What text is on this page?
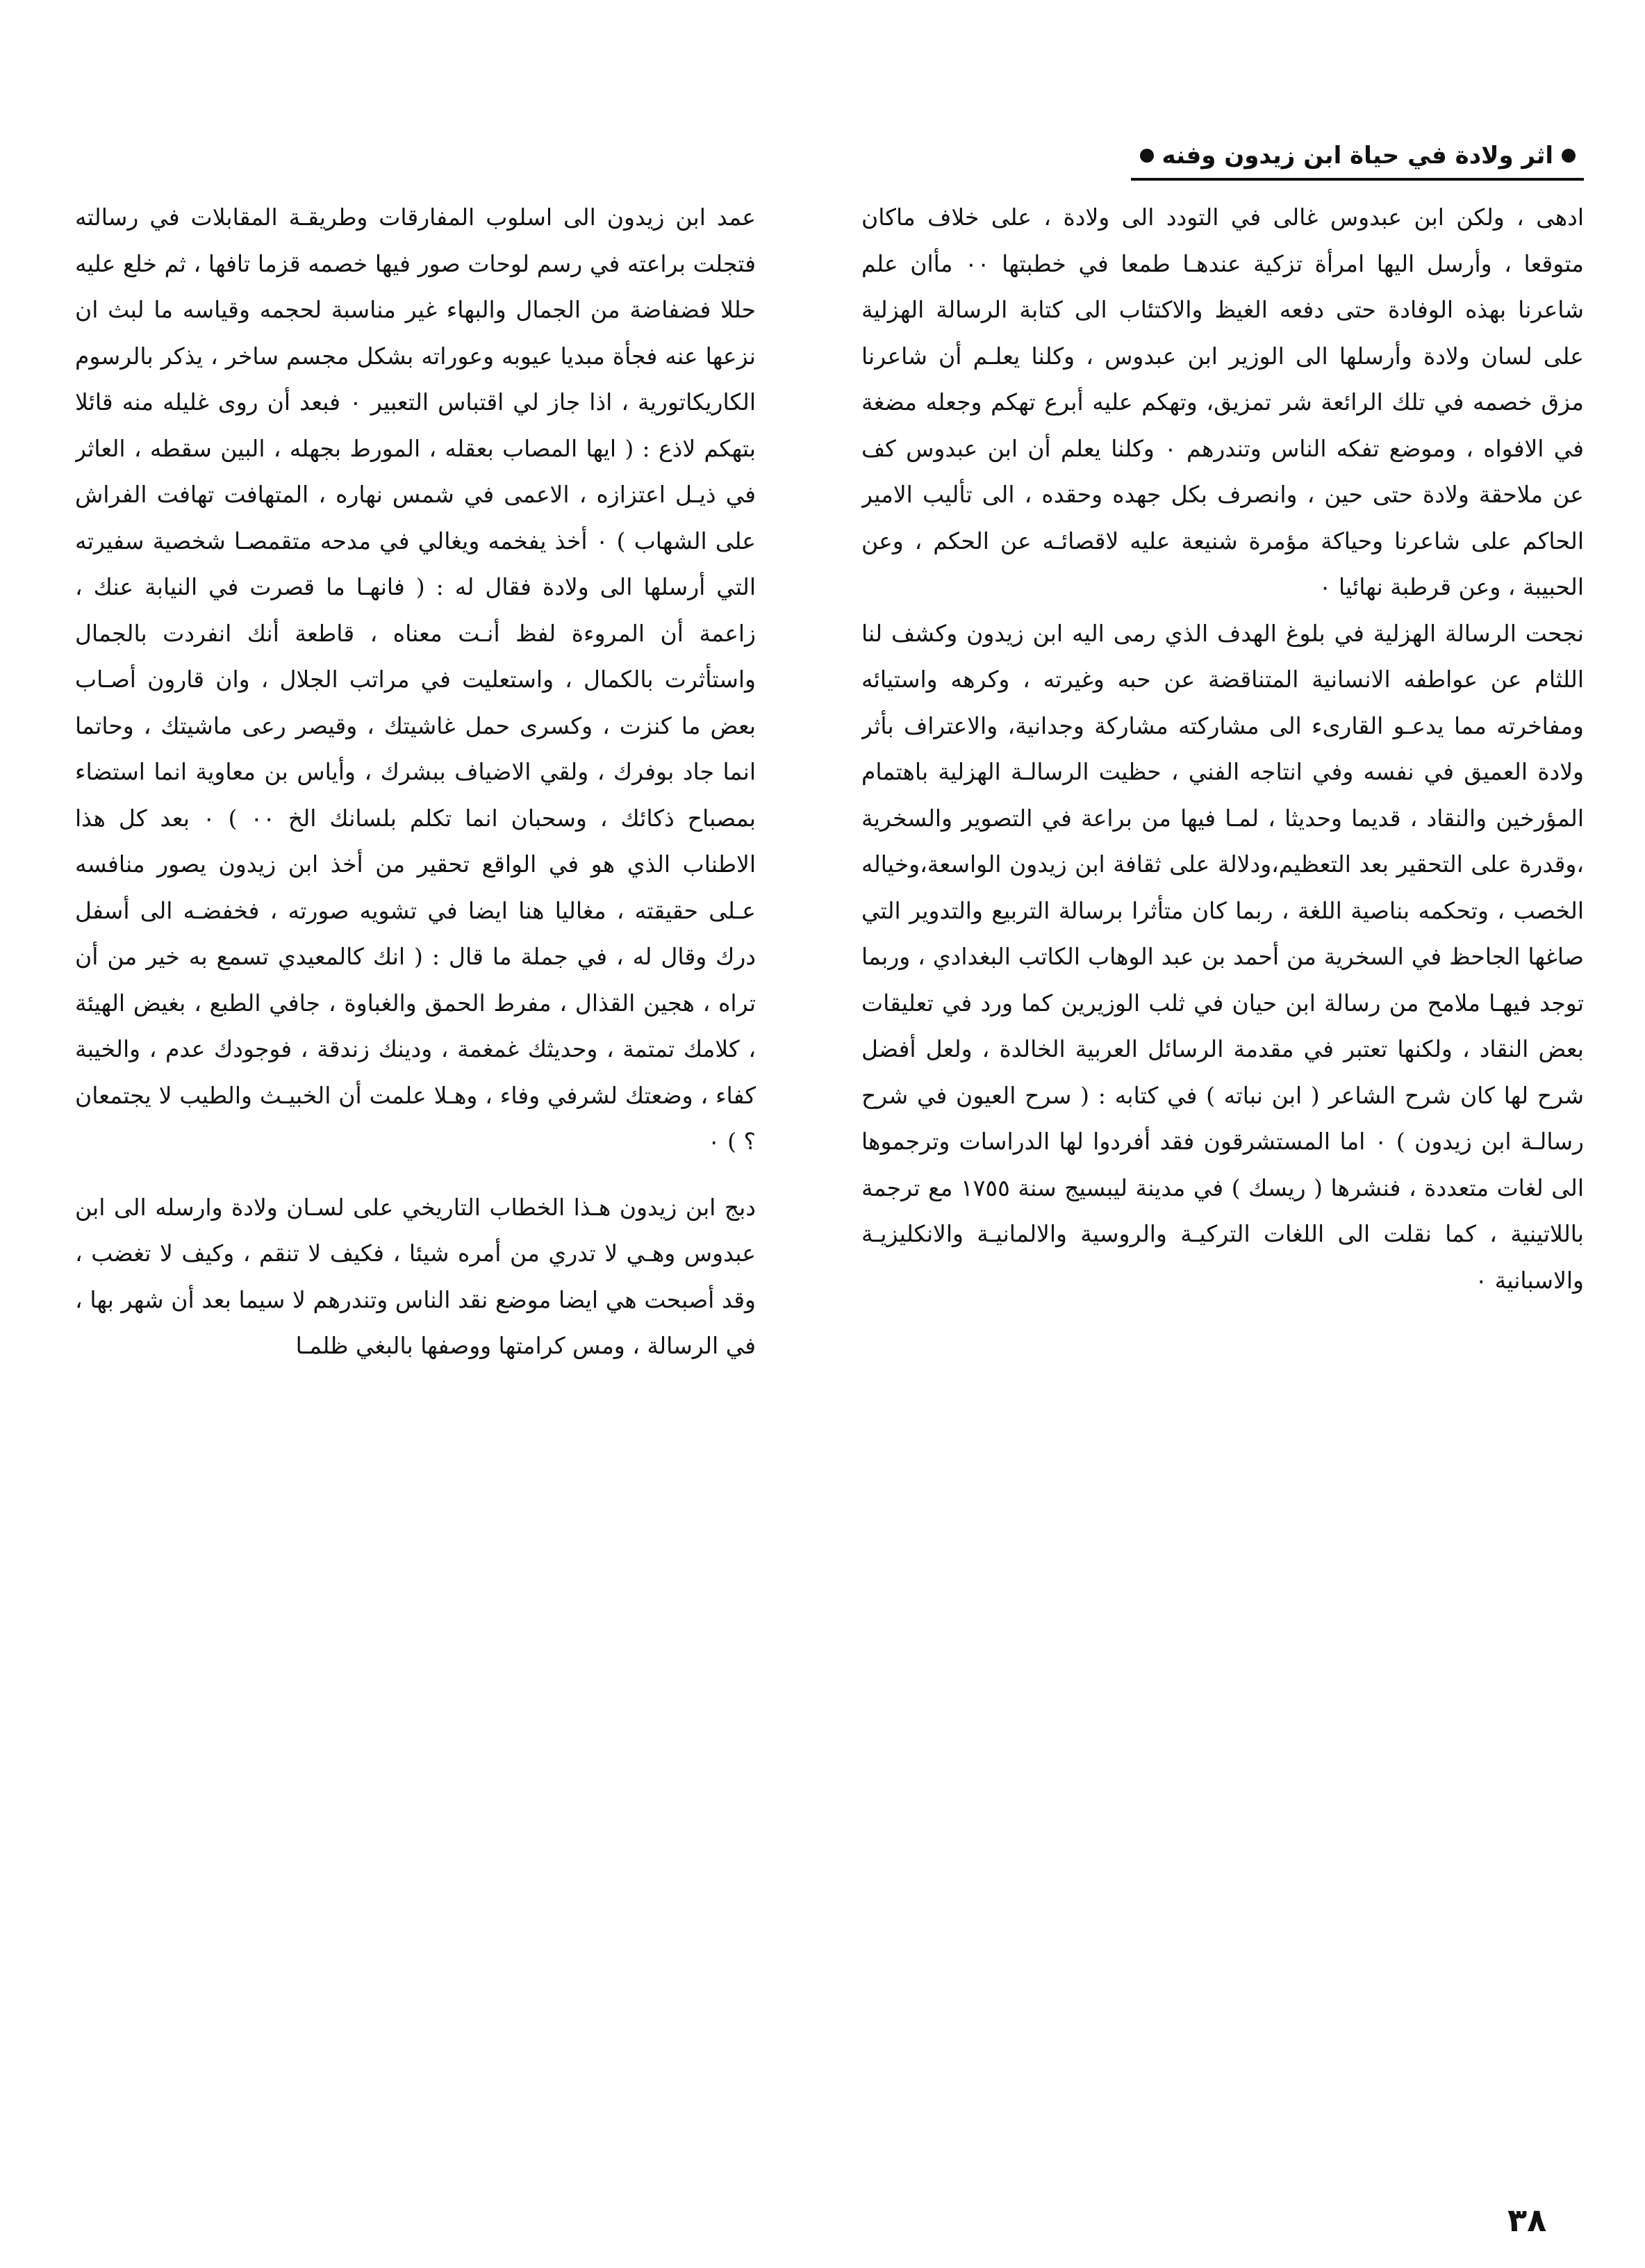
اثر ولادة في حياة ابن زيدون وفنه

ادهى ، ولكن ابن عبدوس غالى في التودد الى ولادة ، على خلاف ماكان متوقعا ، وأرسل اليها امرأة تزكية عندهـا طمعا في خطبتها ٠٠ مأان علم شاعرنا بهذه الوفادة حتى دفعه الغيظ والاكتئاب الى كتابة الرسالة الهزلية على لسان ولادة وأرسلها الى الوزير ابن عبدوس ، وكلنا يعلـم أن شاعرنا مزق خصمه في تلك الرائعة شر تمزيق، وتهكم عليه أبرع تهكم وجعله مضغة في الافواه ، وموضع تفكه الناس وتندرهم ٠ وكلنا يعلم أن ابن عبدوس كف عن ملاحقة ولادة حتى حين ، وانصرف بكل جهده وحقده ، الى تأليب الامير الحاكم على شاعرنا وحياكة مؤمرة شنيعة عليه لاقصائـه عن الحكم ، وعن الحبيبة ، وعن قرطبة نهائيا ٠

نجحت الرسالة الهزلية في بلوغ الهدف الذي رمى اليه ابن زيدون وكشف لنا اللثام عن عواطفه الانسانية المتناقضة عن حبه وغيرته ، وكرهه واستيائه ومفاخرته مما يدعـو القارىء الى مشاركته مشاركة وجدانية، والاعتراف بأثر ولادة العميق في نفسه وفي انتاجه الفني ، حظيت الرسالـة الهزلية باهتمام المؤرخين والنقاد ، قديما وحديثا ، لمـا فيها من براعة في التصوير والسخرية ،وقدرة على التحقير بعد التعظيم،ودلالة على ثقافة ابن زيدون الواسعة،وخياله الخصب ، وتحكمه بناصية اللغة ، ربما كان متأثرا برسالة التربيع والتدوير التي صاغها الجاحظ في السخرية من أحمد بن عبد الوهاب الكاتب البغدادي ، وربما توجد فيهـا ملامح من رسالة ابن حيان في ثلب الوزيرين كما ورد في تعليقات بعض النقاد ، ولكنها تعتبر في مقدمة الرسائل العربية الخالدة ، ولعل أفضل شرح لها كان شرح الشاعر ( ابن نباته ) في كتابه : ( سرح العيون في شرح رسالـة ابن زيدون ) ٠ اما المستشرقون فقد أفردوا لها الدراسات وترجموها الى لغات متعددة ، فنشرها ( ريسك ) في مدينة ليبسيج سنة ١٧٥٥ مع ترجمة باللاتينية ، كما نقلت الى اللغات التركيـة والروسية والالمانيـة والانكليزيـة والاسبانية ٠

عمد ابن زيدون الى اسلوب المفارقات وطريقـة المقابلات في رسالته فتجلت براعته في رسم لوحات صور فيها خصمه قزما تافها ، ثم خلع عليه حللا فضفاضة من الجمال والبهاء غير مناسبة لحجمه وقياسه ما لبث ان نزعها عنه فجأة مبديا عيوبه وعوراته بشكل مجسم ساخر ، يذكر بالرسوم الكاريكاتورية ، اذا جاز لي اقتباس التعبير ٠ فبعد أن روى غليله منه قائلا بتهكم لاذع : ( ايها المصاب بعقله ، المورط بجهله ، البين سقطه ، العاثر في ذيـل اعتزازه ، الاعمى في شمس نهاره ، المتهافت تهافت الفراش على الشهاب ) ٠ أخذ يفخمه ويغالي في مدحه متقمصـا شخصية سفيرته التي أرسلها الى ولادة فقال له : ( فانهـا ما قصرت في النيابة عنك ، زاعمة أن المروءة لفظ أنـت معناه ، قاطعة أنك انفردت بالجمال واستأثرت بالكمال ، واستعليت في مراتب الجلال ، وان قارون أصـاب بعض ما كنزت ، وكسرى حمل غاشيتك ، وقيصر رعى ماشيتك ، وحاتما انما جاد بوفرك ، ولقي الاضياف ببشرك ، وأياس بن معاوية انما استضاء بمصباح ذكائك ، وسحبان انما تكلم بلسانك الخ ٠٠ ) ٠ بعد كل هذا الاطناب الذي هو في الواقع تحقير من أخذ ابن زيدون يصور منافسه عـلى حقيقته ، مغاليا هنا ايضا في تشويه صورته ، فخفضـه الى أسفل درك وقال له ، في جملة ما قال : ( انك كالمعيدي تسمع به خير من أن تراه ، هجين القذال ، مفرط الحمق والغباوة ، جافي الطبع ، بغيض الهيئة ، كلامك تمتمة ، وحديثك غمغمة ، ودينك زندقة ، فوجودك عدم ، والخيبة كفاء ، وضعتك لشرفي وفاء ، وهـلا علمت أن الخبيـث والطيب لا يجتمعان ؟ ) ٠

دبج ابن زيدون هـذا الخطاب التاريخي على لسـان ولادة وارسله الى ابن عبدوس وهـي لا تدري من أمره شيئا ، فكيف لا تنقم ، وكيف لا تغضب ، وقد أصبحت هي ايضا موضع نقد الناس وتندرهم لا سيما بعد أن شهر بها ، في الرسالة ، ومس كرامتها ووصفها بالبغي ظلمـا

٣٨
